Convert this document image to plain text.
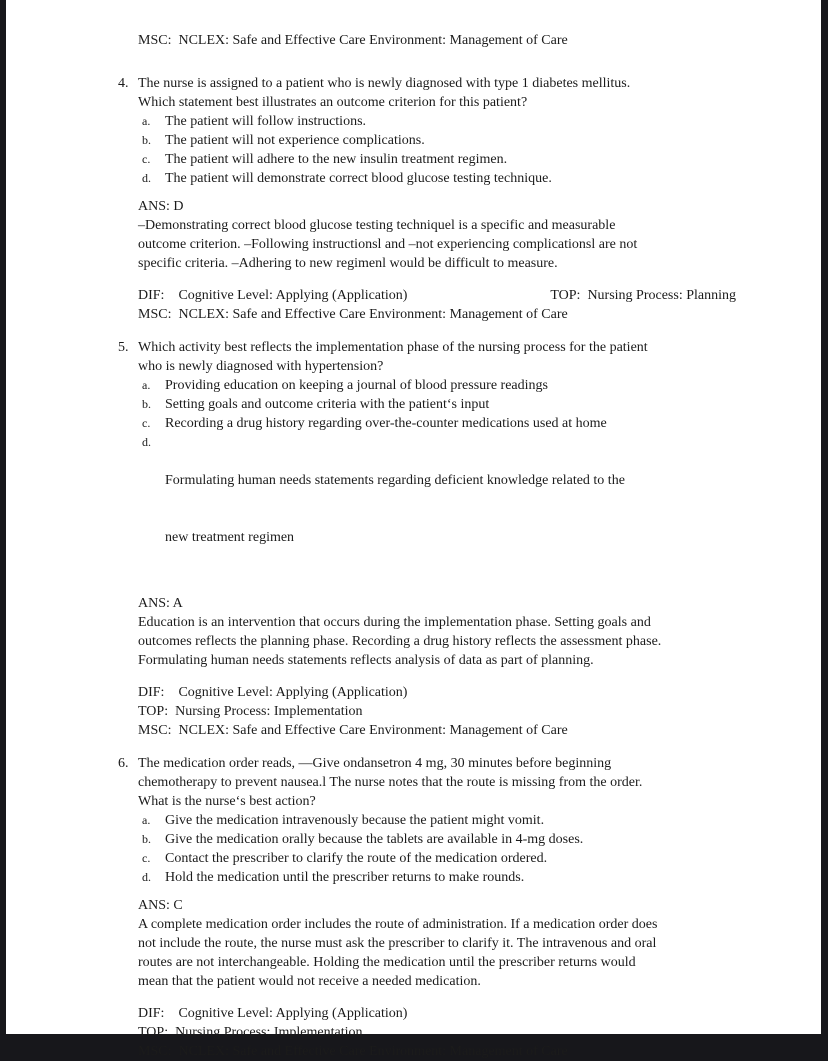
MSC:  NCLEX: Safe and Effective Care Environment: Management of Care
4. The nurse is assigned to a patient who is newly diagnosed with type 1 diabetes mellitus.
Which statement best illustrates an outcome criterion for this patient?
a.	The patient will follow instructions.
b.	The patient will not experience complications.
c.	The patient will adhere to the new insulin treatment regimen.
d.	The patient will demonstrate correct blood glucose testing technique.
ANS: D
–Demonstrating correct blood glucose testing techniquel is a specific and measurable
outcome criterion. –Following instructionsl and –not experiencing complicationsl are not
specific criteria. –Adhering to new regimenl would be difficult to measure.
DIF:    Cognitive Level: Applying (Application)	TOP:  Nursing Process: Planning
MSC:  NCLEX: Safe and Effective Care Environment: Management of Care
5. Which activity best reflects the implementation phase of the nursing process for the patient
who is newly diagnosed with hypertension?
a.	Providing education on keeping a journal of blood pressure readings
b.	Setting goals and outcome criteria with the patient‘s input
c.	Recording a drug history regarding over-the-counter medications used at home
d.

Formulating human needs statements regarding deficient knowledge related to the

new treatment regimen

ANS: A
Education is an intervention that occurs during the implementation phase. Setting goals and
outcomes reflects the planning phase. Recording a drug history reflects the assessment phase.
Formulating human needs statements reflects analysis of data as part of planning.
DIF:    Cognitive Level: Applying (Application)
TOP:  Nursing Process: Implementation
MSC:  NCLEX: Safe and Effective Care Environment: Management of Care
6. The medication order reads, —Give ondansetron 4 mg, 30 minutes before beginning
chemotherapy to prevent nausea.l The nurse notes that the route is missing from the order.
What is the nurse‘s best action?
a.	Give the medication intravenously because the patient might vomit.
b.	Give the medication orally because the tablets are available in 4-mg doses.
c.	Contact the prescriber to clarify the route of the medication ordered.
d.	Hold the medication until the prescriber returns to make rounds.
ANS: C
A complete medication order includes the route of administration. If a medication order does
not include the route, the nurse must ask the prescriber to clarify it. The intravenous and oral
routes are not interchangeable. Holding the medication until the prescriber returns would
mean that the patient would not receive a needed medication.
DIF:    Cognitive Level: Applying (Application)
TOP:  Nursing Process: Implementation
MSC:  NCLEX: Safe and Effective Care Environment: Management of Care
